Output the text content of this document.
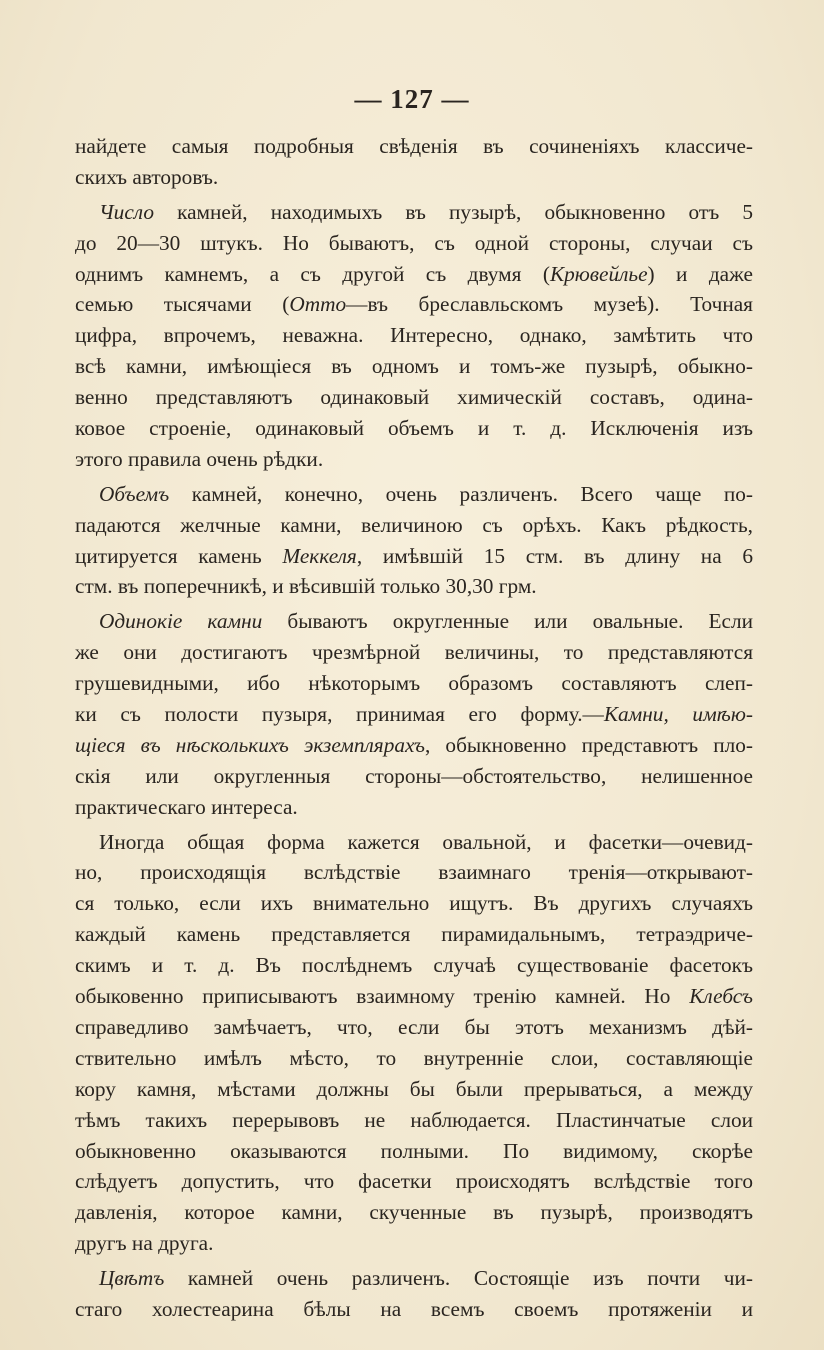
— 127 —
найдете самыя подробныя свѣденія въ сочиненіяхъ классиче-
скихъ авторовъ.
Число камней, находимыхъ въ пузырѣ, обыкновенно отъ 5
до 20—30 штукъ. Но бываютъ, съ одной стороны, случаи съ
однимъ камнемъ, а съ другой съ двумя (Крювейлье) и даже
семью тысячами (Отто—въ бреславльскомъ музеѣ). Точная
цифра, впрочемъ, неважна. Интересно, однако, замѣтить что
всѣ камни, имѣющіеся въ одномъ и томъ-же пузырѣ, обыкно-
венно представляютъ одинаковый химическій составъ, одина-
ковое строеніе, одинаковый объемъ и т. д. Исключенія изъ
этого правила очень рѣдки.
Объемъ камней, конечно, очень различенъ. Всего чаще по-
падаются желчные камни, величиною съ орѣхъ. Какъ рѣдкость,
цитируется камень Меккеля, имѣвшій 15 стм. въ длину на 6
стм. въ поперечникѣ, и вѣсившій только 30,30 грм.
Одинокіе камни бываютъ округленные или овальные. Если
же они достигаютъ чрезмѣрной величины, то представляются
грушевидными, ибо нѣкоторымъ образомъ составляютъ слеп-
ки съ полости пузыря, принимая его форму.—Камни, имѣю-
щіеся въ нѣсколькихъ экземплярахъ, обыкновенно представютъ пло-
скія или округленныя стороны—обстоятельство, нелишенное
практическаго интереса.
Иногда общая форма кажется овальной, и фасетки—очевид-
но, происходящія вслѣдствіе взаимнаго тренія—открывают-
ся только, если ихъ внимательно ищутъ. Въ другихъ случаяхъ
каждый камень представляется пирамидальнымъ, тетраэдриче-
скимъ и т. д. Въ послѣднемъ случаѣ существованіе фасетокъ
обыковенно приписываютъ взаимному тренію камней. Но Клебсъ
справедливо замѣчаетъ, что, если бы этотъ механизмъ дѣй-
ствительно имѣлъ мѣсто, то внутренніе слои, составляющіе
кору камня, мѣстами должны бы были прерываться, а между
тѣмъ такихъ перерывовъ не наблюдается. Пластинчатые слои
обыкновенно оказываются полными. По видимому, скорѣе
слѣдуетъ допустить, что фасетки происходятъ вслѣдствіе того
давленія, которое камни, скученные въ пузырѣ, производятъ
другъ на друга.
Цвѣтъ камней очень различенъ. Состоящіе изъ почти чи-
стаго холестеарина бѣлы на всемъ своемъ протяженіи и
